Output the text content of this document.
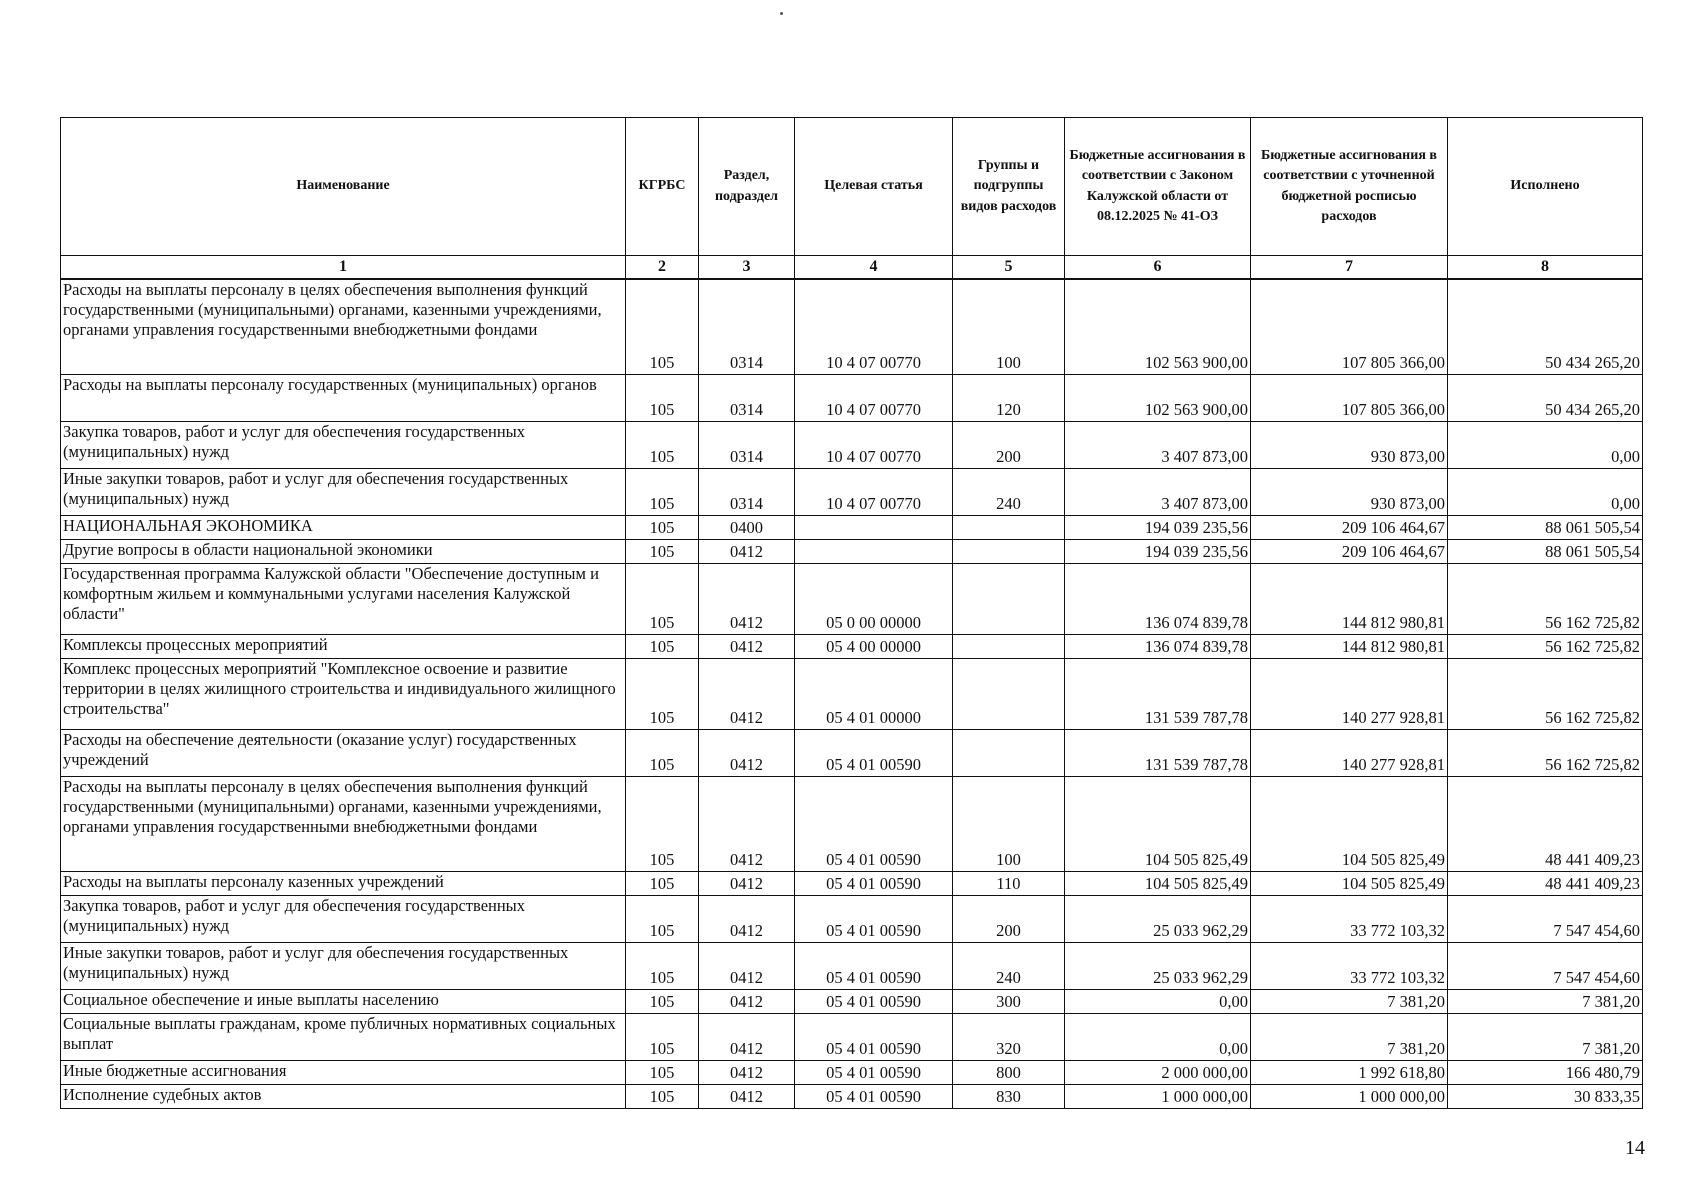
Наименование	КГРБС	Раздел, подраздел	Целевая статья	Группы и подгруппы видов расходов	Бюджетные ассигнования в соответствии с Законом Калужской области от 08.12.2025 № 41-ОЗ	Бюджетные ассигнования в соответствии с уточненной бюджетной росписью расходов	Исполнено
1	2	3	4	5	6	7	8
Расходы на выплаты персоналу в целях обеспечения выполнения функций государственными (муниципальными) органами, казенными учреждениями, органами управления государственными внебюджетными фондами	105	0314	10 4 07 00770	100	102 563 900,00	107 805 366,00	50 434 265,20
Расходы на выплаты персоналу государственных (муниципальных) органов	105	0314	10 4 07 00770	120	102 563 900,00	107 805 366,00	50 434 265,20
Закупка товаров, работ и услуг для обеспечения государственных (муниципальных) нужд	105	0314	10 4 07 00770	200	3 407 873,00	930 873,00	0,00
Иные закупки товаров, работ и услуг для обеспечения государственных (муниципальных) нужд	105	0314	10 4 07 00770	240	3 407 873,00	930 873,00	0,00
НАЦИОНАЛЬНАЯ ЭКОНОМИКА	105	0400			194 039 235,56	209 106 464,67	88 061 505,54
Другие вопросы в области национальной экономики	105	0412			194 039 235,56	209 106 464,67	88 061 505,54
Государственная программа Калужской области "Обеспечение доступным и комфортным жильем и коммунальными услугами населения Калужской области"	105	0412	05 0 00 00000		136 074 839,78	144 812 980,81	56 162 725,82
Комплексы процессных мероприятий	105	0412	05 4 00 00000		136 074 839,78	144 812 980,81	56 162 725,82
Комплекс процессных мероприятий "Комплексное освоение и развитие территории в целях жилищного строительства и индивидуального жилищного строительства"	105	0412	05 4 01 00000		131 539 787,78	140 277 928,81	56 162 725,82
Расходы на обеспечение деятельности (оказание услуг) государственных учреждений	105	0412	05 4 01 00590		131 539 787,78	140 277 928,81	56 162 725,82
Расходы на выплаты персоналу в целях обеспечения выполнения функций государственными (муниципальными) органами, казенными учреждениями, органами управления государственными внебюджетными фондами	105	0412	05 4 01 00590	100	104 505 825,49	104 505 825,49	48 441 409,23
Расходы на выплаты персоналу казенных учреждений	105	0412	05 4 01 00590	110	104 505 825,49	104 505 825,49	48 441 409,23
Закупка товаров, работ и услуг для обеспечения государственных (муниципальных) нужд	105	0412	05 4 01 00590	200	25 033 962,29	33 772 103,32	7 547 454,60
Иные закупки товаров, работ и услуг для обеспечения государственных (муниципальных) нужд	105	0412	05 4 01 00590	240	25 033 962,29	33 772 103,32	7 547 454,60
Социальное обеспечение и иные выплаты населению	105	0412	05 4 01 00590	300	0,00	7 381,20	7 381,20
Социальные выплаты гражданам, кроме публичных нормативных социальных выплат	105	0412	05 4 01 00590	320	0,00	7 381,20	7 381,20
Иные бюджетные ассигнования	105	0412	05 4 01 00590	800	2 000 000,00	1 992 618,80	166 480,79
Исполнение судебных актов	105	0412	05 4 01 00590	830	1 000 000,00	1 000 000,00	30 833,35
14
